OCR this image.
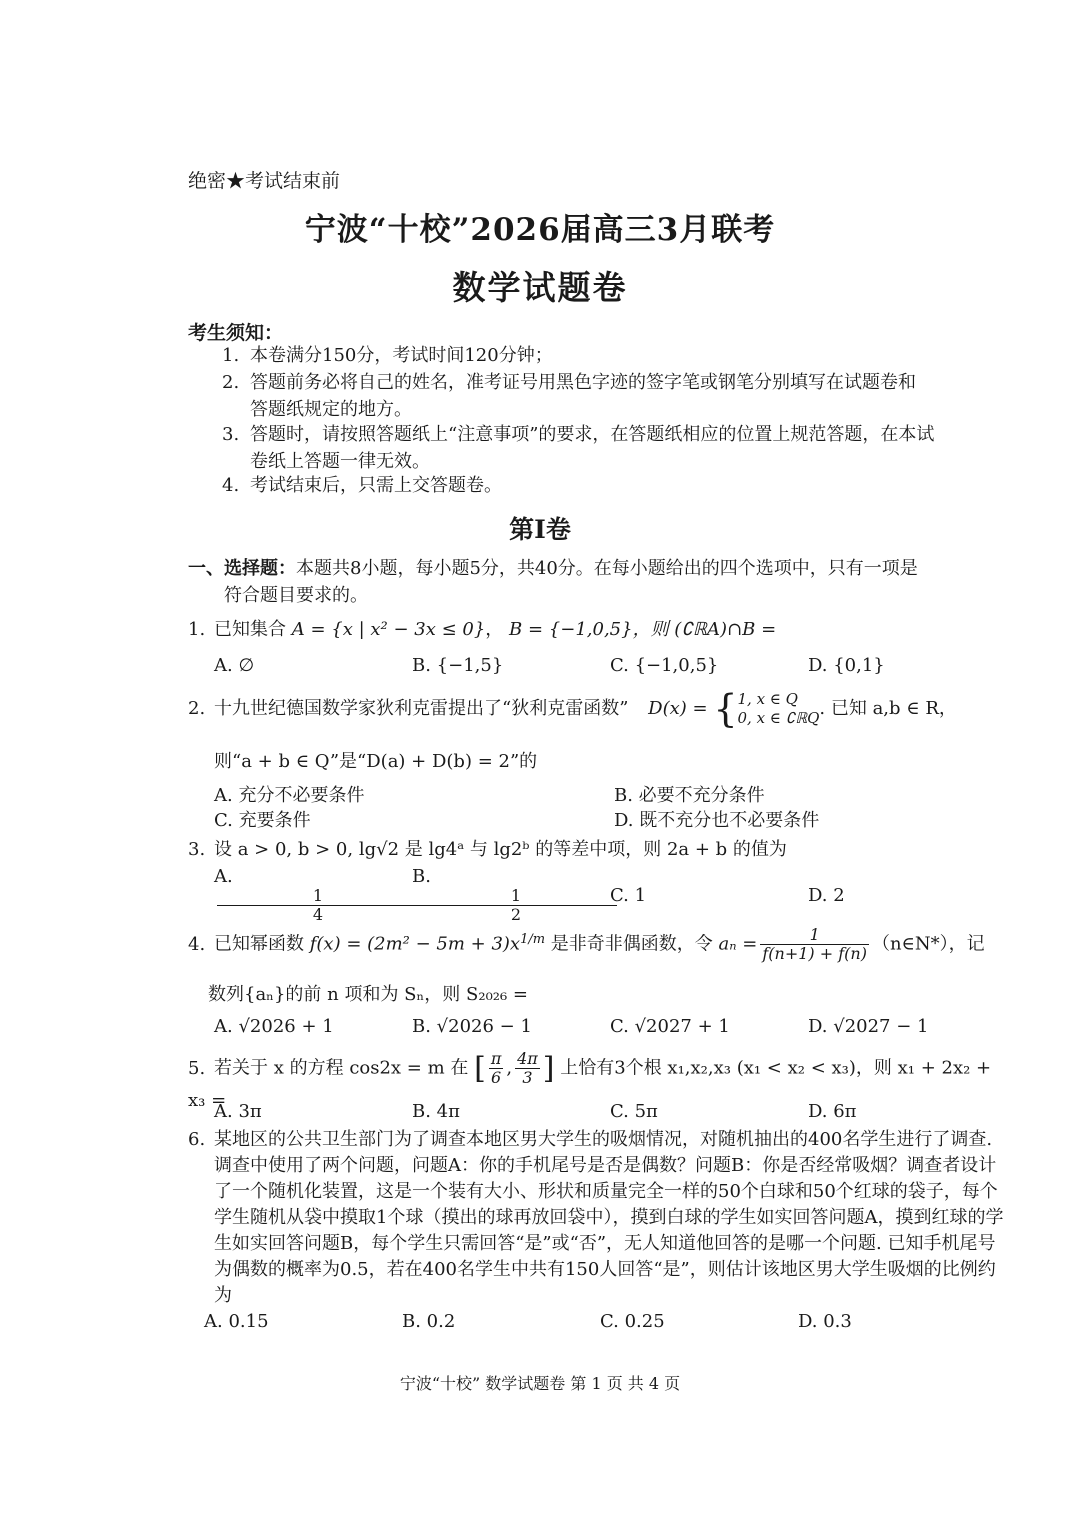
绝密★考试结束前
宁波“十校”2026届高三3月联考
数学试题卷
考生须知：
1. 本卷满分150分，考试时间120分钟；
2. 答题前务必将自己的姓名，准考证号用黑色字迹的签字笔或钢笔分别填写在试题卷和
答题纸规定的地方。
3. 答题时，请按照答题纸上“注意事项”的要求，在答题纸相应的位置上规范答题，在本试
卷纸上答题一律无效。
4. 考试结束后，只需上交答题卷。
第Ⅰ卷
一、选择题：本题共8小题，每小题5分，共40分。在每小题给出的四个选项中，只有一项是
符合题目要求的。
1. 已知集合 A = {x | x² − 3x ≤ 0}， B = {−1,0,5}，则 (∁ℝA)∩B =
A. ∅	B. {−1,5}	C. {−1,0,5}	D. {0,1}
2. 十九世纪德国数学家狄利克雷提出了“狄利克雷函数” D(x) = { 1, x ∈ Q
0, x ∈ ∁ℝQ . 已知 a,b ∈ R，
则“a + b ∈ Q”是“D(a) + D(b) = 2”的
A. 充分不必要条件	B. 必要不充分条件
C. 充要条件	D. 既不充分也不必要条件
3. 设 a > 0, b > 0, lg√2 是 lg4ᵃ 与 lg2ᵇ 的等差中项，则 2a + b 的值为
A.
$\frac{1}{4}$
B.
$\frac{1}{2}$
C. 1	D. 2
4. 已知幂函数 $f(x) = (2m^2 - 5m + 3)x^{1/m}$ 是非奇非偶函数，令 $a_n = \frac{1}{f(n+1) + f(n)}$ （n∈N*），记
数列{aₙ}的前 n 项和为 Sₙ，则 S₂₀₂₆ =
A. √2026 + 1	B. √2026 − 1	C. √2027 + 1	D. √2027 − 1
5. 若关于 x 的方程 cos2x = m 在 [ $\frac{\pi}{6}$ , $\frac{4\pi}{3}$ ] 上恰有3个根 x₁,x₂,x₃ (x₁ < x₂ < x₃)，则 x₁ + 2x₂ + x₃ =
A. 3π	B. 4π	C. 5π	D. 6π
6. 某地区的公共卫生部门为了调查本地区男大学生的吸烟情况，对随机抽出的400名学生进行了调查. 调查中使用了两个问题，问题A：你的手机尾号是否是偶数？问题B：你是否经常吸烟？调查者设计了一个随机化装置，这是一个装有大小、形状和质量完全一样的50个白球和50个红球的袋子，每个学生随机从袋中摸取1个球（摸出的球再放回袋中），摸到白球的学生如实回答问题A，摸到红球的学生如实回答问题B，每个学生只需回答“是”或“否”，无人知道他回答的是哪一个问题. 已知手机尾号为偶数的概率为0.5，若在400名学生中共有150人回答“是”，则估计该地区男大学生吸烟的比例约为
A. 0.15	B. 0.2	C. 0.25	D. 0.3
宁波“十校” 数学试题卷 第 1 页 共 4 页
